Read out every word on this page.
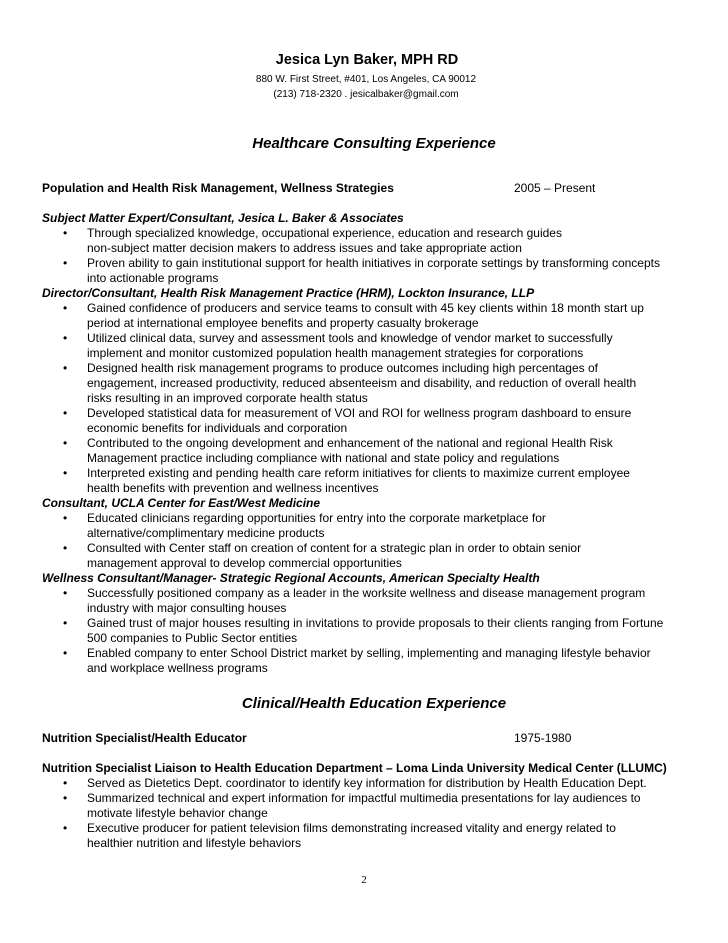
Jesica Lyn Baker, MPH RD
880 W. First Street, #401, Los Angeles, CA 90012
(213) 718-2320 . jesicalbaker@gmail.com
Healthcare Consulting Experience
Population and Health Risk Management, Wellness Strategies	2005 – Present
Subject Matter Expert/Consultant, Jesica L. Baker & Associates
• Through specialized knowledge, occupational experience, education and research guides
non-subject matter decision makers to address issues and take appropriate action
• Proven ability to gain institutional support for health initiatives in corporate settings by transforming concepts
into actionable programs
Director/Consultant, Health Risk Management Practice (HRM), Lockton Insurance, LLP
• Gained confidence of producers and service teams to consult with 45 key clients within 18 month start up
period at international employee benefits and property casualty brokerage
• Utilized clinical data, survey and assessment tools and knowledge of vendor market to successfully
implement and monitor customized population health management strategies for corporations
• Designed health risk management programs to produce outcomes including high percentages of
engagement, increased productivity, reduced absenteeism and disability, and reduction of overall health
risks resulting in an improved corporate health status
• Developed statistical data for measurement of VOI and ROI for wellness program dashboard to ensure
economic benefits for individuals and corporation
• Contributed to the ongoing development and enhancement of the national and regional Health Risk
Management practice including compliance with national and state policy and regulations
• Interpreted existing and pending health care reform initiatives for clients to maximize current employee
health benefits with prevention and wellness incentives
Consultant, UCLA Center for East/West Medicine
• Educated clinicians regarding opportunities for entry into the corporate marketplace for
alternative/complimentary medicine products
• Consulted with Center staff on creation of content for a strategic plan in order to obtain senior
management approval to develop commercial opportunities
Wellness Consultant/Manager- Strategic Regional Accounts, American Specialty Health
• Successfully positioned company as a leader in the worksite wellness and disease management program
industry with major consulting houses
• Gained trust of major houses resulting in invitations to provide proposals to their clients ranging from Fortune
500 companies to Public Sector entities
• Enabled company to enter School District market by selling, implementing and managing lifestyle behavior
and workplace wellness programs
Clinical/Health Education Experience
Nutrition Specialist/Health Educator	1975-1980
Nutrition Specialist Liaison to Health Education Department – Loma Linda University Medical Center (LLUMC)
• Served as Dietetics Dept. coordinator to identify key information for distribution by Health Education Dept.
• Summarized technical and expert information for impactful multimedia presentations for lay audiences to
motivate lifestyle behavior change
• Executive producer for patient television films demonstrating increased vitality and energy related to
healthier nutrition and lifestyle behaviors
2
